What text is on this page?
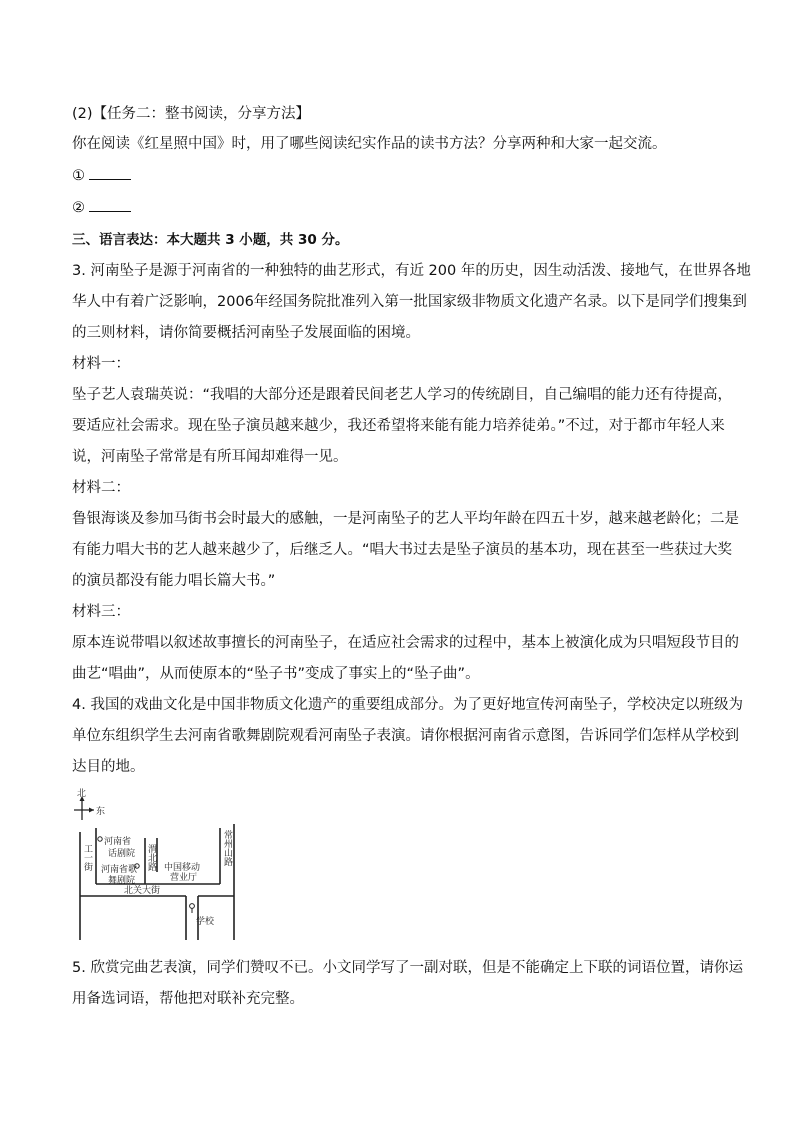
(2)【任务二：整书阅读，分享方法】
你在阅读《红星照中国》时，用了哪些阅读纪实作品的读书方法？分享两种和大家一起交流。
①
②
三、语言表达：本大题共 3 小题，共 30 分。
3. 河南坠子是源于河南省的一种独特的曲艺形式，有近 200 年的历史，因生动活泼、接地气，在世界各地
华人中有着广泛影响，2006年经国务院批准列入第一批国家级非物质文化遗产名录。以下是同学们搜集到
的三则材料，请你简要概括河南坠子发展面临的困境。
材料一：
坠子艺人袁瑞英说：“我唱的大部分还是跟着民间老艺人学习的传统剧目，自己编唱的能力还有待提高，
要适应社会需求。现在坠子演员越来越少，我还希望将来能有能力培养徒弟。”不过，对于都市年轻人来
说，河南坠子常常是有所耳闻却难得一见。
材料二：
鲁银海谈及参加马街书会时最大的感触，一是河南坠子的艺人平均年龄在四五十岁，越来越老龄化；二是
有能力唱大书的艺人越来越少了，后继乏人。“唱大书过去是坠子演员的基本功，现在甚至一些获过大奖
的演员都没有能力唱长篇大书。”
材料三：
原本连说带唱以叙述故事擅长的河南坠子，在适应社会需求的过程中，基本上被演化成为只唱短段节目的
曲艺“唱曲”，从而使原本的“坠子书”变成了事实上的“坠子曲”。
4. 我国的戏曲文化是中国非物质文化遗产的重要组成部分。为了更好地宣传河南坠子，学校决定以班级为
单位东组织学生去河南省歌舞剧院观看河南坠子表演。请你根据河南省示意图，告诉同学们怎样从学校到
达目的地。
北
东
河南省
话剧院
河南省歌
舞剧院
工一街	渭北路 中国移动
营业厅
常州山路
北关大街
学校
5. 欣赏完曲艺表演，同学们赞叹不已。小文同学写了一副对联，但是不能确定上下联的词语位置，请你运
用备选词语，帮他把对联补充完整。
